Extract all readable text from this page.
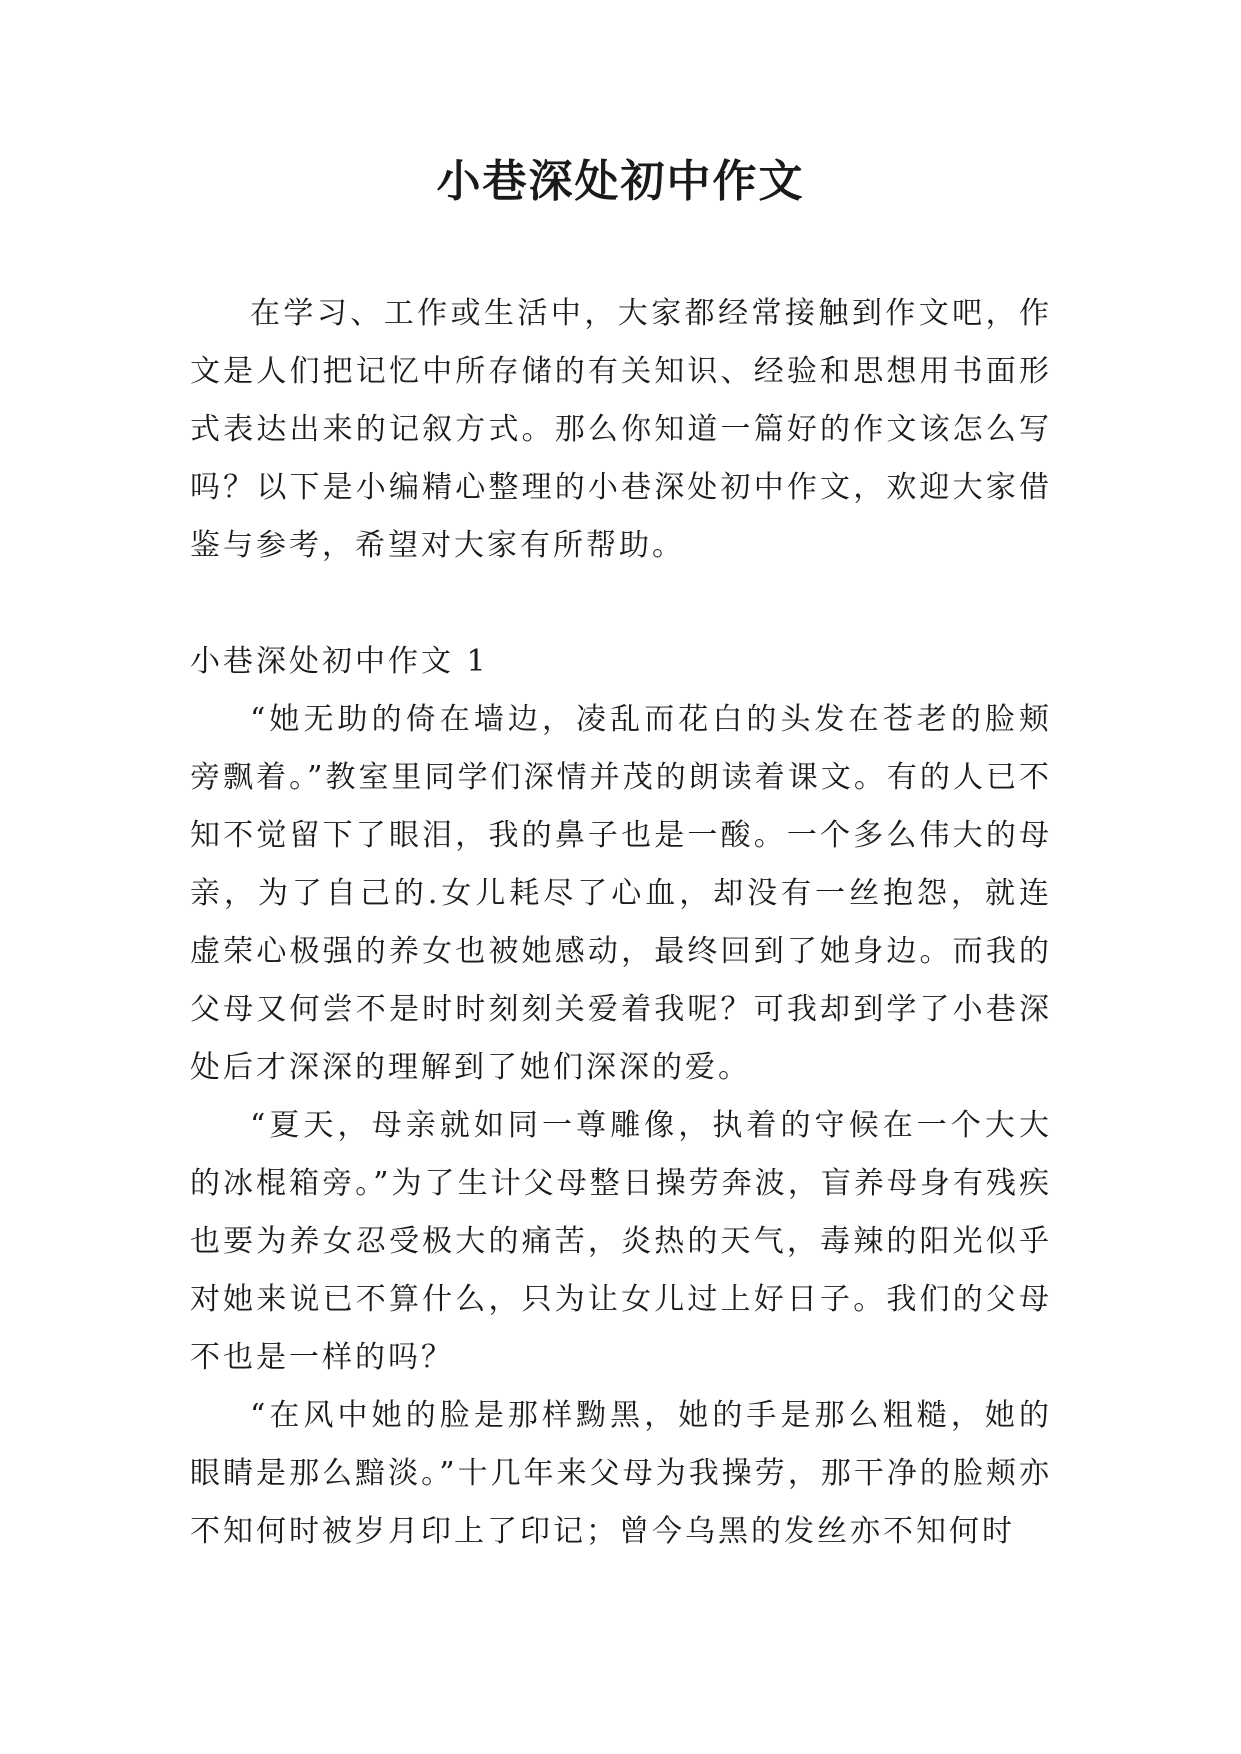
小巷深处初中作文

在学习、工作或生活中，大家都经常接触到作文吧，作文是人们把记忆中所存储的有关知识、经验和思想用书面形式表达出来的记叙方式。那么你知道一篇好的作文该怎么写吗？以下是小编精心整理的小巷深处初中作文，欢迎大家借鉴与参考，希望对大家有所帮助。

小巷深处初中作文 1

“她无助的倚在墙边，凌乱而花白的头发在苍老的脸颊旁飘着。”教室里同学们深情并茂的朗读着课文。有的人已不知不觉留下了眼泪，我的鼻子也是一酸。一个多么伟大的母亲，为了自己的.女儿耗尽了心血，却没有一丝抱怨，就连虚荣心极强的养女也被她感动，最终回到了她身边。而我的父母又何尝不是时时刻刻关爱着我呢？可我却到学了小巷深处后才深深的理解到了她们深深的爱。

“夏天，母亲就如同一尊雕像，执着的守候在一个大大的冰棍箱旁。”为了生计父母整日操劳奔波，盲养母身有残疾也要为养女忍受极大的痛苦，炎热的天气，毒辣的阳光似乎对她来说已不算什么，只为让女儿过上好日子。我们的父母不也是一样的吗？

“在风中她的脸是那样黝黑，她的手是那么粗糙，她的眼睛是那么黯淡。”十几年来父母为我操劳，那干净的脸颊亦不知何时被岁月印上了印记；曾今乌黑的发丝亦不知何时
